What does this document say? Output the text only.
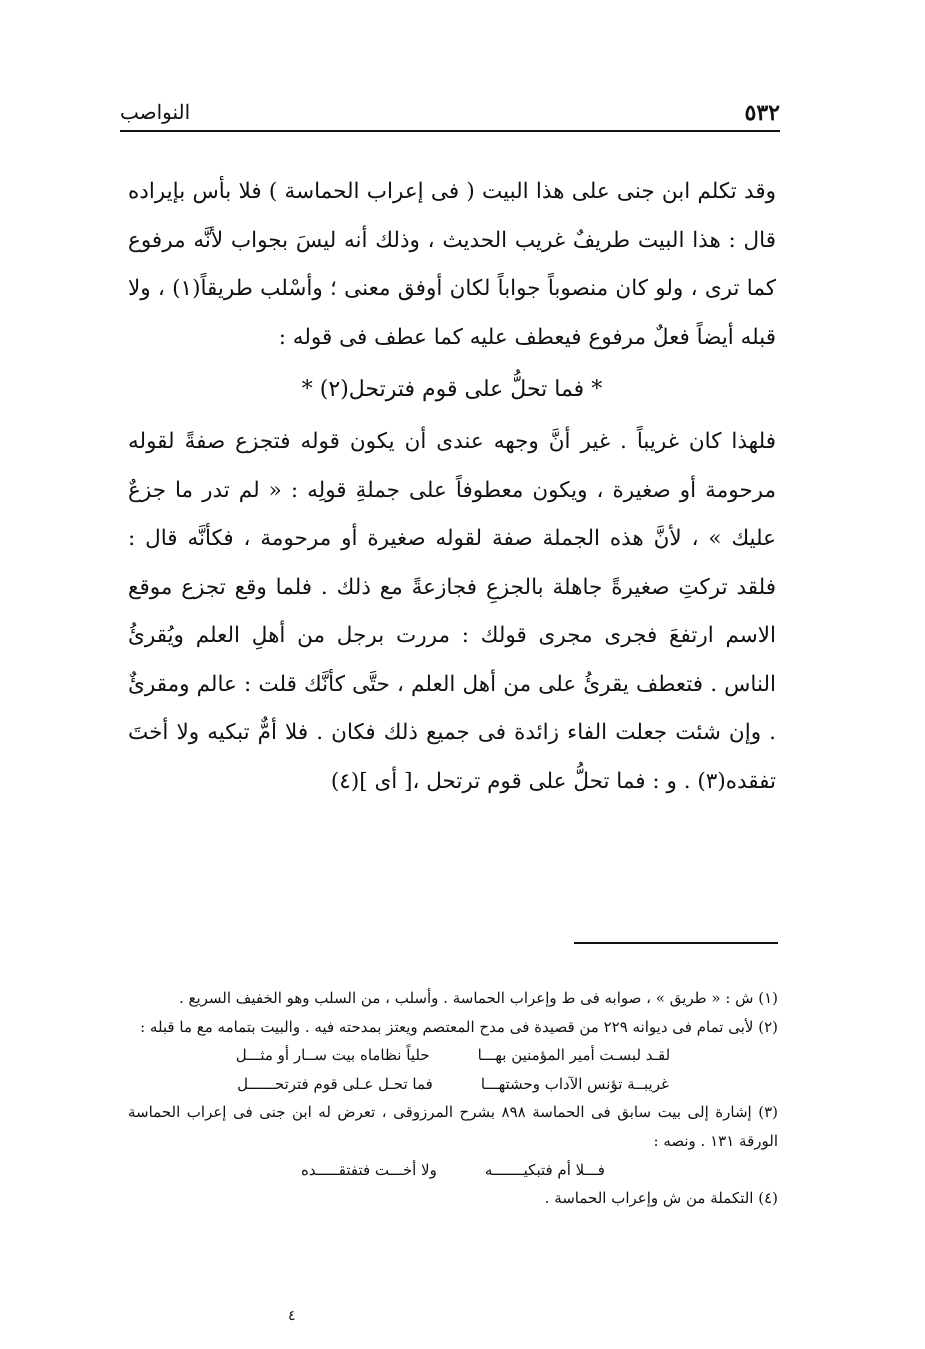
٥٣٢
النواصب

وقد تكلم ابن جنى على هذا البيت ( فى إعراب الحماسة ) فلا بأس بإيراده قال : هذا البيت طريفٌ غريب الحديث ، وذلك أنه ليسَ بجواب لأنَّه مرفوع كما ترى ، ولو كان منصوباً جواباً لكان أوفق معنى ؛ وأسْلب طريقاً(١) ، ولا قبله أيضاً فعلٌ مرفوع فيعطف عليه كما عطف فى قوله :

* فما تحلُّ على قوم فترتحل(٢) *

فلهذا كان غريباً . غير أنَّ وجهه عندى أن يكون قوله فتجزع صفةً لقوله مرحومة أو صغيرة ، ويكون معطوفاً على جملةِ قولِه : « لم تدر ما جزعٌ عليك » ، لأنَّ هذه الجملة صفة لقوله صغيرة أو مرحومة ، فكأنَّه قال : فلقد تركتِ صغيرةً جاهلة بالجزعِ فجازعةً مع ذلك . فلما وقع تجزع موقع الاسم ارتفعَ فجرى مجرى قولك : مررت برجل من أهلِ العلم ويُقرئُ الناس . فتعطف يقرئُ على من أهل العلم ، حتَّى كأنَّك قلت : عالم ومقرئٌ . وإن شئت جعلت الفاء زائدة فى جميع ذلك فكان . فلا أمٌّ تبكيه ولا أختَ تفقده(٣) . و : فما تحلُّ على قوم ترتحل ،[ أى ](٤)

(١) ش : « طريق » ، صوابه فى ط وإعراب الحماسة . وأسلب ، من السلب وهو الخفيف السريع .

(٢) لأبى تمام فى ديوانه ٢٢٩ من قصيدة فى مدح المعتصم ويعتز بمدحته فيه . والبيت بتمامه مع ما قبله :

لقـد لبسـت أمير المؤمنين بهـــا
حلياً نظاماه بيت ســار أو مثـــل
غريبــة تؤنس الآداب وحشتهـــا
فما تحـل عـلى قوم فترتحــــــل

(٣) إشارة إلى بيت سابق فى الحماسة ٨٩٨ بشرح المرزوقى ، تعرض له ابن جنى فى إعراب الحماسة الورقة ١٣١ . ونصه :

فـــلا أم فتبكيـــــــه
ولا أخـــت فتفتقـــــده

(٤) التكملة من ش وإعراب الحماسة .

٤
